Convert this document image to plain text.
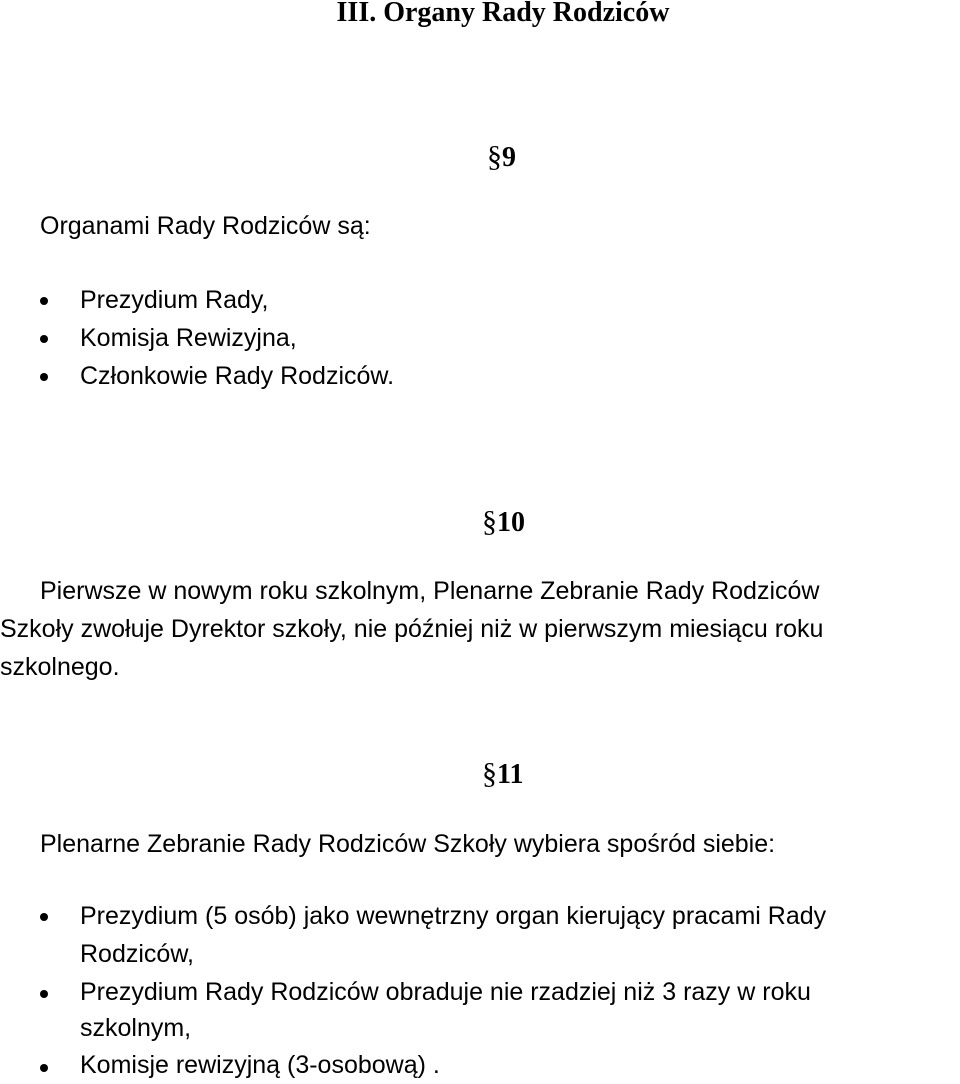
III. Organy Rady Rodziców
§9
Organami Rady Rodziców są:
Prezydium Rady,
Komisja Rewizyjna,
Członkowie Rady Rodziców.
§10
Pierwsze w nowym roku szkolnym, Plenarne Zebranie Rady Rodziców
Szkoły zwołuje Dyrektor szkoły, nie później niż w pierwszym miesiącu roku
szkolnego.
§11
Plenarne Zebranie Rady Rodziców Szkoły wybiera spośród siebie:
Prezydium (5 osób) jako wewnętrzny organ kierujący pracami Rady
Rodziców,
Prezydium Rady Rodziców obraduje nie rzadziej niż 3 razy w roku
szkolnym,
Komisje rewizyjną (3-osobową) .
